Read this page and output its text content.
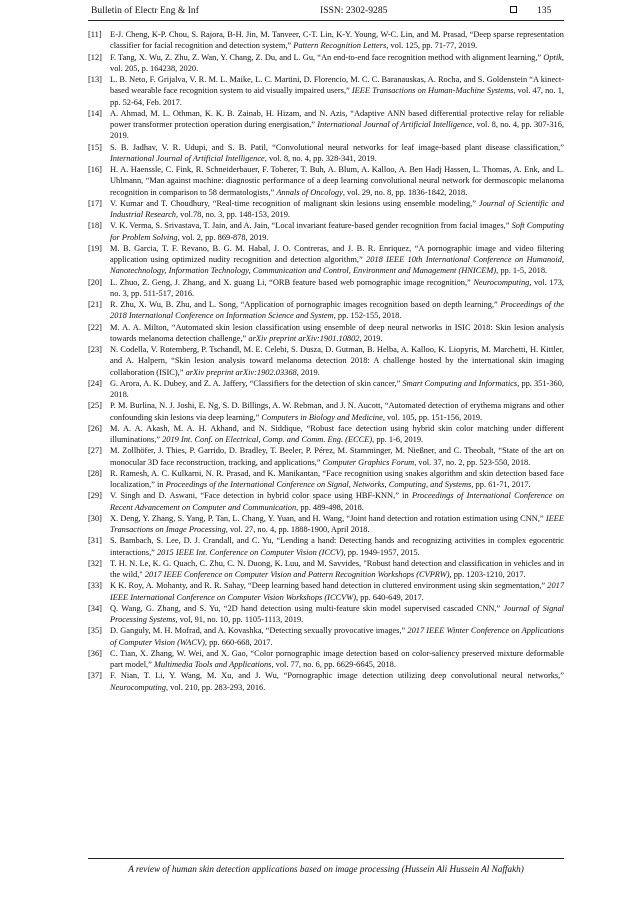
Bulletin of Electr Eng & Inf	ISSN: 2302-9285	135
[11] E-J. Cheng, K-P. Chou, S. Rajora, B-H. Jin, M. Tanveer, C-T. Lin, K-Y. Young, W-C. Lin, and M. Prasad, “Deep sparse representation classifier for facial recognition and detection system,” Pattern Recognition Letters, vol. 125, pp. 71-77, 2019.
[12] F. Tang, X. Wu, Z. Zhu, Z. Wan, Y. Chang, Z. Du, and L. Gu, “An end-to-end face recognition method with alignment learning,” Optik, vol. 205, p. 164238, 2020.
[13] L. B. Neto, F. Grijalva, V. R. M. L. Maike, L. C. Martini, D. Florencio, M. C. C. Baranauskas, A. Rocha, and S. Goldenstein “A kinect-based wearable face recognition system to aid visually impaired users,” IEEE Transactions on Human-Machine Systems, vol. 47, no. 1, pp. 52-64, Feb. 2017.
[14] A. Ahmad, M. L. Othman, K. K. B. Zainab, H. Hizam, and N. Azis, “Adaptive ANN based differential protective relay for reliable power transformer protection operation during energisation,” International Journal of Artificial Intelligence, vol. 8, no. 4, pp. 307-316, 2019.
[15] S. B. Jadhav, V. R. Udupi, and S. B. Patil, “Convolutional neural networks for leaf image-based plant disease classification,” International Journal of Artificial Intelligence, vol. 8, no. 4, pp. 328-341, 2019.
[16] H. A. Haenssle, C. Fink, R. Schneiderbauer, F. Toberer, T. Buh, A. Blum, A. Kalloo, A. Ben Hadj Hassen, L. Thomas, A. Enk, and L. Uhlmann, “Man against machine: diagnostic performance of a deep learning convolutional neural network for dermoscopic melanoma recognition in comparison to 58 dermatologists,” Annals of Oncology, vol. 29, no. 8, pp. 1836-1842, 2018.
[17] V. Kumar and T. Choudhury, “Real-time recognition of malignant skin lesions using ensemble modeling,” Journal of Scientific and Industrial Research, vol.78, no. 3, pp. 148-153, 2019.
[18] V. K. Verma, S. Srivastava, T. Jain, and A. Jain, “Local invariant feature-based gender recognition from facial images,” Soft Computing for Problem Solving, vol. 2, pp. 869-878, 2019.
[19] M. B. Garcia, T. F. Revano, B. G. M. Habal, J. O. Contreras, and J. B. R. Enriquez, “A pornographic image and video filtering application using optimized nudity recognition and detection algorithm,” 2018 IEEE 10th International Conference on Humanoid, Nanotechnology, Information Technology, Communication and Control, Environment and Management (HNICEM), pp. 1-5, 2018.
[20] L. Zhuo, Z. Geng, J. Zhang, and X. guang Li, “ORB feature based web pornographic image recognition,” Neurocomputing, vol. 173, no. 3, pp. 511-517, 2016.
[21] R. Zhu, X. Wu, B. Zhu, and L. Song, “Application of pornographic images recognition based on depth learning,” Proceedings of the 2018 International Conference on Information Science and System, pp. 152-155, 2018.
[22] M. A. A. Milton, “Automated skin lesion classification using ensemble of deep neural networks in ISIC 2018: Skin lesion analysis towards melanoma detection challenge,” arXiv preprint arXiv:1901.10802, 2019.
[23] N. Codella, V. Rotemberg, P. Tschandl, M. E. Celebi, S. Dusza, D. Gutman, B. Helba, A. Kalloo, K. Liopyris, M. Marchetti, H. Kittler, and A. Halpern, “Skin lesion analysis toward melanoma detection 2018: A challenge hosted by the international skin imaging collaboration (ISIC),” arXiv preprint arXiv:1902.03368, 2019.
[24] G. Arora, A. K. Dubey, and Z. A. Jaffery, “Classifiers for the detection of skin cancer,” Smart Computing and Informatics, pp. 351-360, 2018.
[25] P. M. Burlina, N. J. Joshi, E. Ng, S. D. Billings, A. W. Rebman, and J. N. Aucott, “Automated detection of erythema migrans and other confounding skin lesions via deep learning,” Computers in Biology and Medicine, vol. 105, pp. 151-156, 2019.
[26] M. A. A. Akash, M. A. H. Akhand, and N. Siddique, “Robust face detection using hybrid skin color matching under different illuminations,” 2019 Int. Conf. on Electrical, Comp. and Comm. Eng. (ECCE), pp. 1-6, 2019.
[27] M. Zollhöfer, J. Thies, P. Garrido, D. Bradley, T. Beeler, P. Pérez, M. Stamminger, M. Nießner, and C. Theobalt, “State of the art on monocular 3D face reconstruction, tracking, and applications,” Computer Graphics Forum, vol. 37, no. 2, pp. 523-550, 2018.
[28] R. Ramesh, A. C. Kulkarni, N. R. Prasad, and K. Manikantan, “Face recognition using snakes algorithm and skin detection based face localization,” in Proceedings of the International Conference on Signal, Networks, Computing, and Systems, pp. 61-71, 2017.
[29] V. Singh and D. Aswani, “Face detection in hybrid color space using HBF-KNN,” in Proceedings of International Conference on Recent Advancement on Computer and Communication, pp. 489-498, 2018.
[30] X. Deng, Y. Zhang, S. Yang, P. Tan, L. Chang, Y. Yuan, and H. Wang, “Joint hand detection and rotation estimation using CNN,” IEEE Transactions on Image Processing, vol. 27, no. 4, pp. 1888-1900, April 2018.
[31] S. Bambach, S. Lee, D. J. Crandall, and C. Yu, “Lending a hand: Detecting hands and recognizing activities in complex egocentric interactions,” 2015 IEEE Int. Conference on Computer Vision (ICCV), pp. 1949-1957, 2015.
[32] T. H. N. Le, K. G. Quach, C. Zhu, C. N. Duong, K. Luu, and M. Savvides, "Robust hand detection and classification in vehicles and in the wild," 2017 IEEE Conference on Computer Vision and Pattern Recognition Workshops (CVPRW), pp. 1203-1210, 2017.
[33] K K. Roy, A. Mohanty, and R. R. Sahay, “Deep learning based hand detection in cluttered environment using skin segmentation,” 2017 IEEE International Conference on Computer Vision Workshops (ICCVW), pp. 640-649, 2017.
[34] Q. Wang, G. Zhang, and S. Yu, “2D hand detection using multi-feature skin model supervised cascaded CNN,” Journal of Signal Processing Systems, vol, 91, no. 10, pp. 1105-1113, 2019.
[35] D. Ganguly, M. H. Mofrad, and A. Kovashka, “Detecting sexually provocative images,” 2017 IEEE Winter Conference on Applications of Computer Vision (WACV), pp. 660-668, 2017.
[36] C. Tian, X. Zhang, W. Wei, and X. Gao, “Color pornographic image detection based on color-saliency preserved mixture deformable part model,” Multimedia Tools and Applications, vol. 77, no. 6, pp. 6629-6645, 2018.
[37] F. Nian, T. Li, Y. Wang, M. Xu, and J. Wu, “Pornographic image detection utilizing deep convolutional neural networks,” Neurocomputing, vol. 210, pp. 283-293, 2016.
A review of human skin detection applications based on image processing (Hussein Ali Hussein Al Naffakh)
